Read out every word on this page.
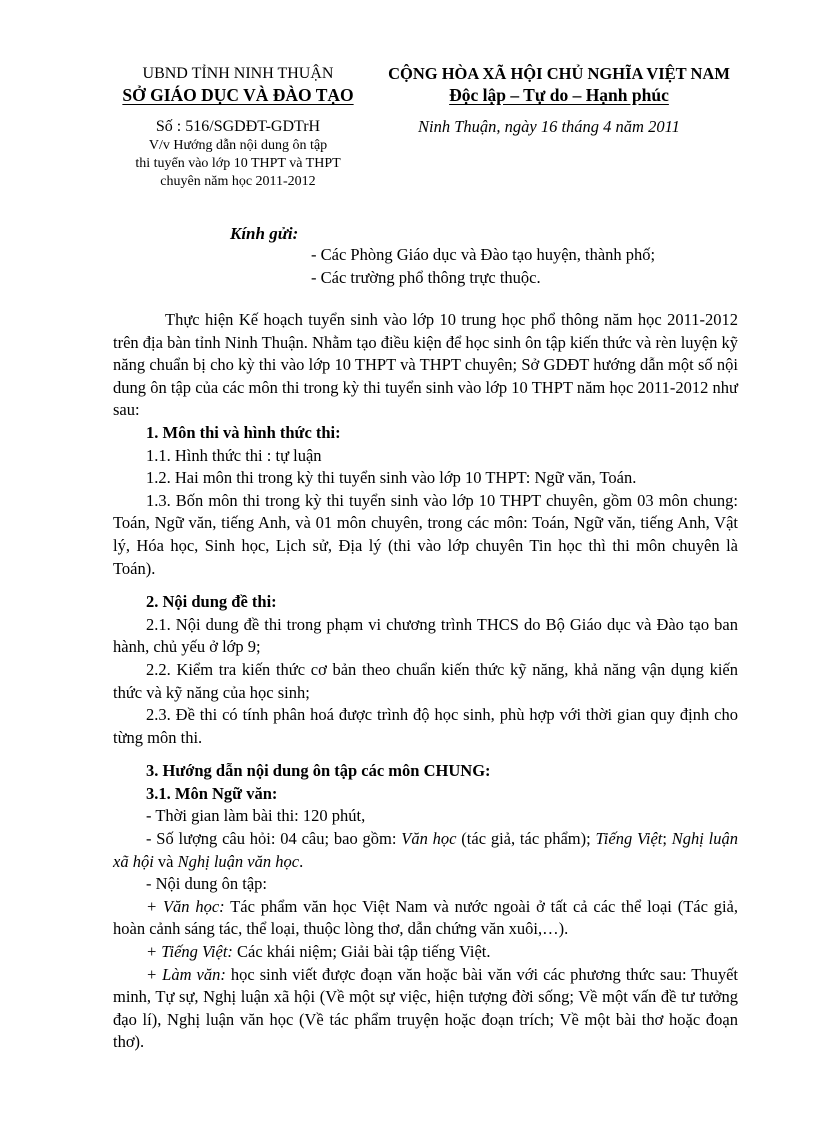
UBND TỈNH NINH THUẬN
SỞ GIÁO DỤC VÀ ĐÀO TẠO
Số : 516/SGDĐT-GDTrH
V/v Hướng dẫn nội dung ôn tập
thi tuyển vào lớp 10 THPT và THPT
chuyên năm học 2011-2012
CỘNG HÒA XÃ HỘI CHỦ NGHĨA VIỆT NAM
Độc lập – Tự do – Hạnh phúc
Ninh Thuận, ngày 16 tháng 4 năm 2011
Kính gửi:
- Các Phòng Giáo dục và Đào tạo huyện, thành phố;
- Các trường phổ thông trực thuộc.

Thực hiện Kế hoạch tuyển sinh vào lớp 10 trung học phổ thông năm học 2011-2012 trên địa bàn tỉnh Ninh Thuận. Nhằm tạo điều kiện để học sinh ôn tập kiến thức và rèn luyện kỹ năng chuẩn bị cho kỳ thi vào lớp 10 THPT và THPT chuyên; Sở GDĐT hướng dẫn một số nội dung ôn tập của các môn thi trong kỳ thi tuyển sinh vào lớp 10 THPT năm học 2011-2012 như sau:

1. Môn thi và hình thức thi:

1.1. Hình thức thi : tự luận

1.2. Hai môn thi trong kỳ thi tuyển sinh vào lớp 10 THPT: Ngữ văn, Toán.

1.3. Bốn môn thi trong kỳ thi tuyển sinh vào lớp 10 THPT chuyên, gồm 03 môn chung: Toán, Ngữ văn, tiếng Anh, và 01 môn chuyên, trong các môn: Toán, Ngữ văn, tiếng Anh, Vật lý, Hóa học, Sinh học, Lịch sử, Địa lý (thi vào lớp chuyên Tin học thì thi môn chuyên là Toán).

2. Nội dung đề thi:

2.1. Nội dung đề thi trong phạm vi chương trình THCS do Bộ Giáo dục và Đào tạo ban hành, chủ yếu ở lớp 9;

2.2. Kiểm tra kiến thức cơ bản theo chuẩn kiến thức kỹ năng, khả năng vận dụng kiến thức và kỹ năng của học sinh;

2.3. Đề thi có tính phân hoá được trình độ học sinh, phù hợp với thời gian quy định cho từng môn thi.

3. Hướng dẫn nội dung ôn tập các môn CHUNG:

3.1. Môn Ngữ văn:

- Thời gian làm bài thi: 120 phút,

- Số lượng câu hỏi: 04 câu; bao gồm: Văn học (tác giả, tác phẩm); Tiếng Việt; Nghị luận xã hội và Nghị luận văn học.

- Nội dung ôn tập:

+ Văn học: Tác phẩm văn học Việt Nam và nước ngoài ở tất cả các thể loại (Tác giả, hoàn cảnh sáng tác, thể loại, thuộc lòng thơ, dẫn chứng văn xuôi,…).

+ Tiếng Việt: Các khái niệm; Giải bài tập tiếng Việt.

+ Làm văn: học sinh viết được đoạn văn hoặc bài văn với các phương thức sau: Thuyết minh, Tự sự, Nghị luận xã hội (Về một sự việc, hiện tượng đời sống; Về một vấn đề tư tưởng đạo lí), Nghị luận văn học (Về tác phẩm truyện hoặc đoạn trích; Về một bài thơ hoặc đoạn thơ).
